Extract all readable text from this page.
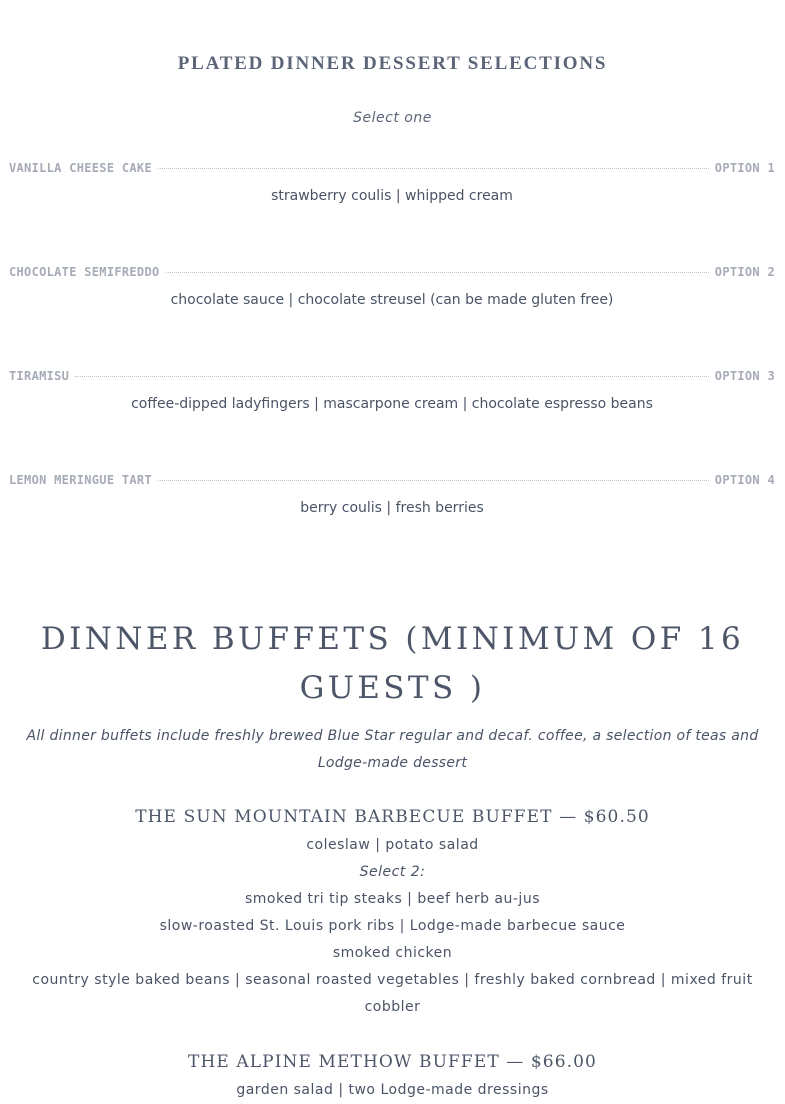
PLATED DINNER DESSERT SELECTIONS
Select one
VANILLA CHEESE CAKE	OPTION 1
strawberry coulis | whipped cream
CHOCOLATE SEMIFREDDO	OPTION 2
chocolate sauce | chocolate streusel (can be made gluten free)
TIRAMISU	OPTION 3
coffee-dipped ladyfingers | mascarpone cream | chocolate espresso beans
LEMON MERINGUE TART	OPTION 4
berry coulis | fresh berries
DINNER BUFFETS (MINIMUM OF 16 GUESTS )
All dinner buffets include freshly brewed Blue Star regular and decaf. coffee, a selection of teas and Lodge-made dessert
THE SUN MOUNTAIN BARBECUE BUFFET — $60.50
coleslaw | potato salad
Select 2:
smoked tri tip steaks | beef herb au-jus
slow-roasted St. Louis pork ribs | Lodge-made barbecue sauce
smoked chicken
country style baked beans | seasonal roasted vegetables | freshly baked cornbread | mixed fruit cobbler
THE ALPINE METHOW BUFFET — $66.00
garden salad | two Lodge-made dressings
